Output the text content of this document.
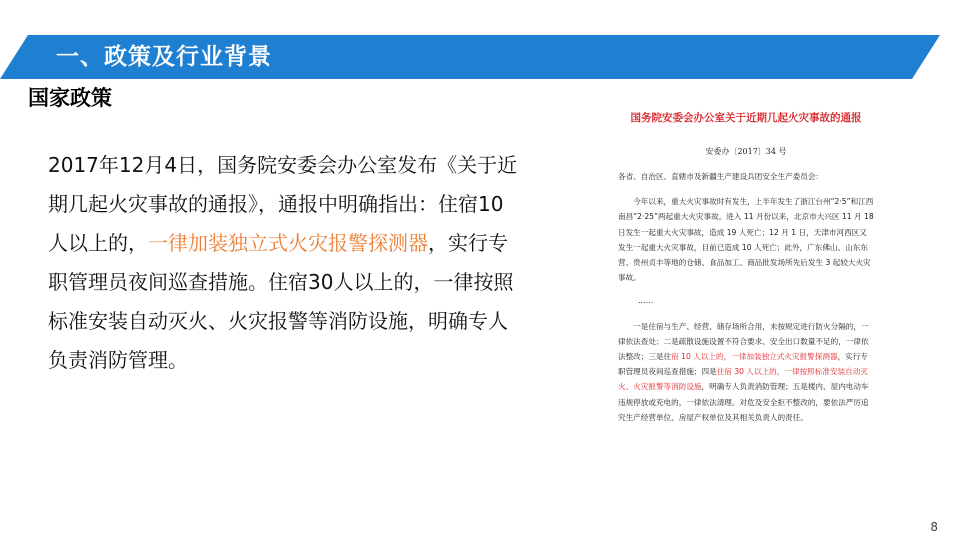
一、政策及行业背景
国家政策
2017年12月4日，国务院安委会办公室发布《关于近期几起火灾事故的通报》，通报中明确指出：住宿10人以上的，一律加装独立式火灾报警探测器，实行专职管理员夜间巡查措施。住宿30人以上的，一律按照标准安装自动灭火、火灾报警等消防设施，明确专人负责消防管理。
国务院安委会办公室关于近期几起火灾事故的通报
安委办〔2017〕34 号
各省、自治区、直辖市及新疆生产建设兵团安全生产委员会：
今年以来，重大火灾事故时有发生，上半年发生了浙江台州“2·5”和江西南昌“2·25”两起重大火灾事故。进入 11 月份以来，北京市大兴区 11 月 18 日发生一起重大火灾事故，造成 19 人死亡；12 月 1 日，天津市河西区又发生一起重大火灾事故，目前已造成 10 人死亡；此外，广东佛山、山东东营、贵州贞丰等地的仓储、食品加工、商品批发场所先后发生 3 起较大火灾事故。
……
一是住宿与生产、经营、储存场所合用，未按规定进行防火分隔的，一律依法查处；二是疏散设施设置不符合要求、安全出口数量不足的，一律依法整改；三是住宿 10 人以上的，一律加装独立式火灾报警探测器，实行专职管理员夜间巡查措施；四是住宿 30 人以上的，一律按照标准安装自动灭火、火灾报警等消防设施，明确专人负责消防管理；五是楼内、屋内电动车违规停放或充电的，一律依法清理。对危及安全拒不整改的，要依法严厉追究生产经营单位、房屋产权单位及其相关负责人的责任。
8
